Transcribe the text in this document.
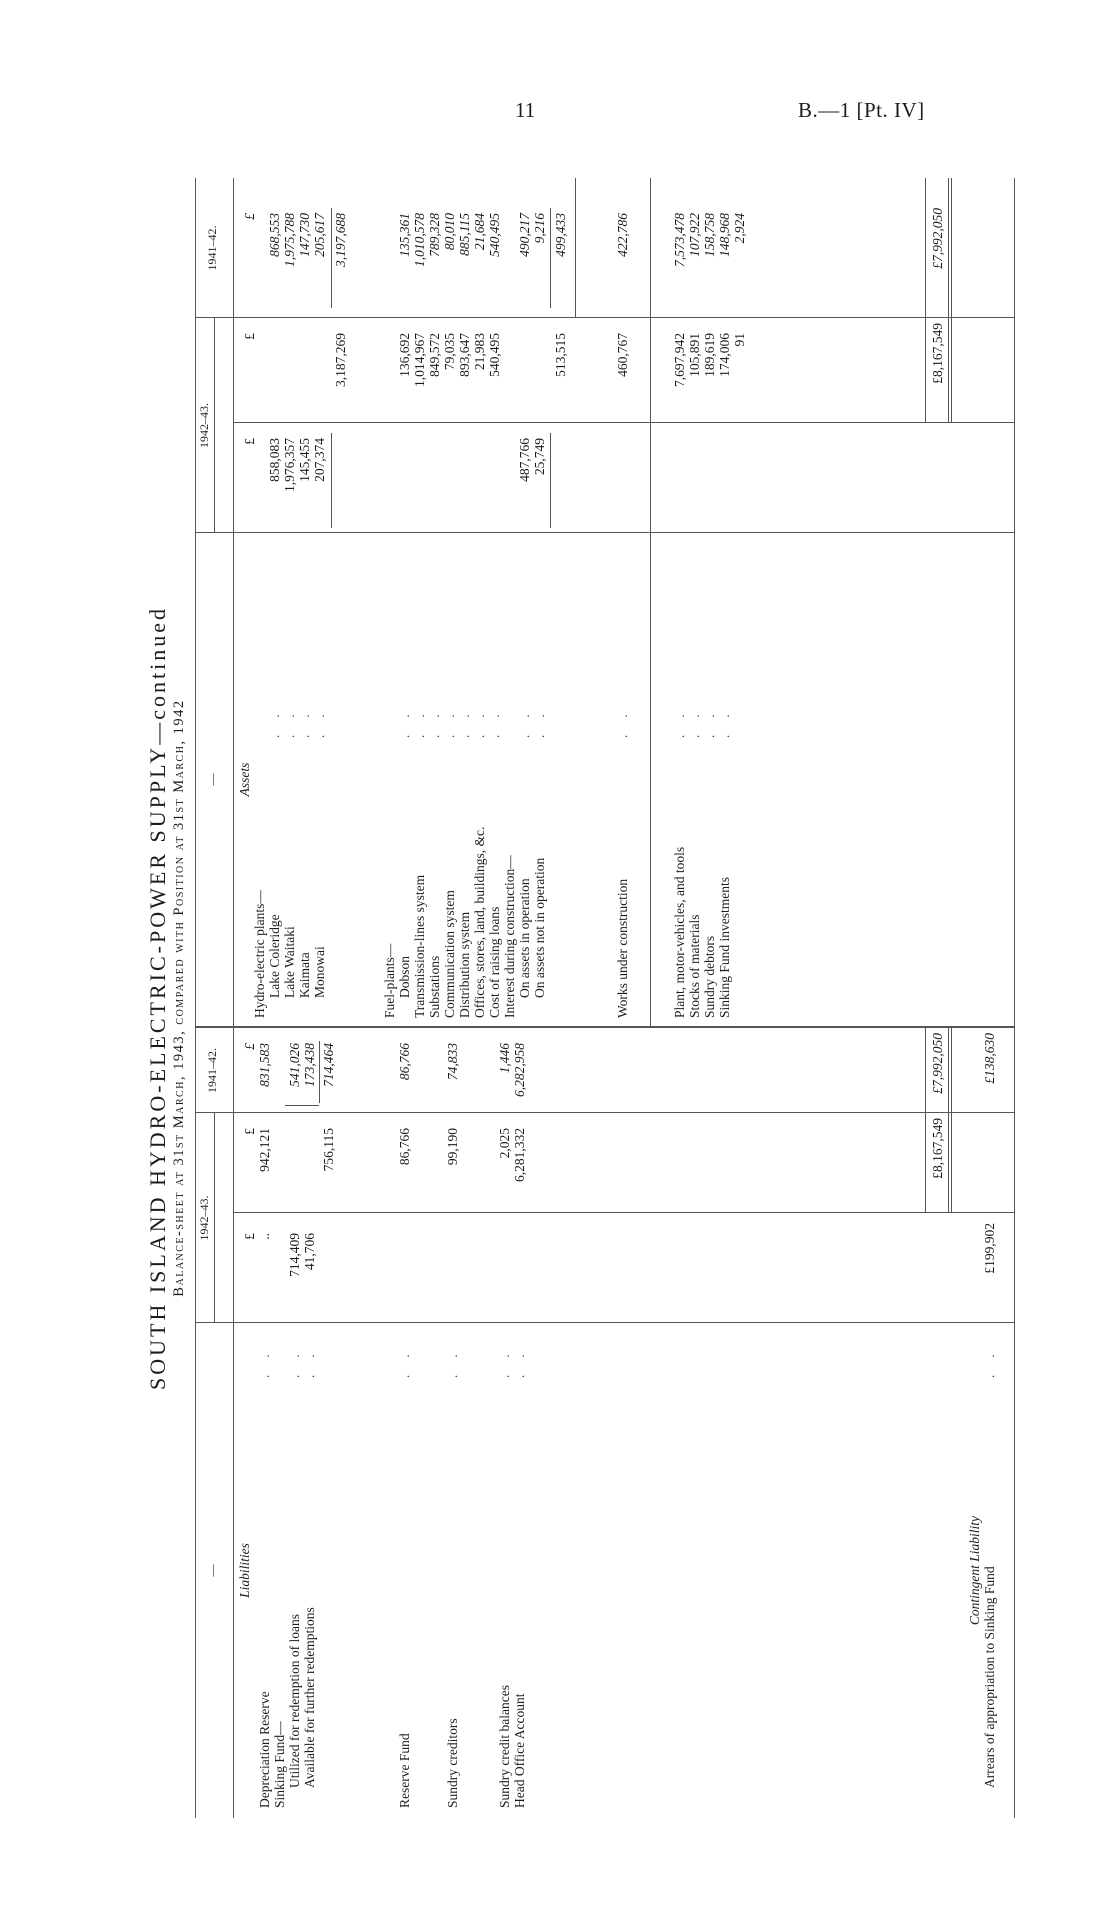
11	B.—1 [Pt. IV]
SOUTH ISLAND HYDRO-ELECTRIC-POWER SUPPLY—continued Balance-sheet at 31st March, 1943, compared with Position at 31st March, 1942
—
1942–43.
1941–42.
—
1942–43.
1941–42.
Liabilities
£
£
£
Depreciation Reserve
. .
..
942,121
831,583
Sinking Fund— Utilized for redemption of loans
. .
714,409
541,026
Available for further redemptions
. .
41,706
173,438
756,115
714,464
Reserve Fund
. .
86,766
86,766
Sundry creditors
. .
99,190
74,833
Sundry credit balances
. .
2,025
1,446
Head Office Account
. .
6,281,332
6,282,958
£8,167,549
£7,992,050
Contingent Liability Arrears of appropriation to Sinking Fund
. .
£199,902
£138,630
Assets
£
£
£
Hydro-electric plants— Lake Coleridge
. .
858,083
868,553
Lake Waitaki
. .
1,976,357
1,975,788
Kaimata
. .
145,455
147,730
Monowai
. .
207,374
205,617
3,187,269
3,197,688
Fuel-plants— Dobson
. .
136,692
135,361
Transmission-lines system
. .
1,014,967
1,010,578
Substations
. .
849,572
789,328
Communication system
. .
79,035
80,010
Distribution system
. .
893,647
885,115
Offices, stores, land, buildings, &c.
. .
21,983
21,684
Cost of raising loans
. .
540,495
540,495
Interest during construction— On assets in operation
. .
487,766
490,217
On assets not in operation
. .
25,749
9,216
513,515
499,433
Works under construction
. .
460,767
422,786
Plant, motor-vehicles, and tools
. .
7,697,942
7,573,478
Stocks of materials
. .
105,891
107,922
Sundry debtors
. .
189,619
158,758
Sinking Fund investments
. .
174,006
148,968
91
2,924
£8,167,549
£7,992,050
